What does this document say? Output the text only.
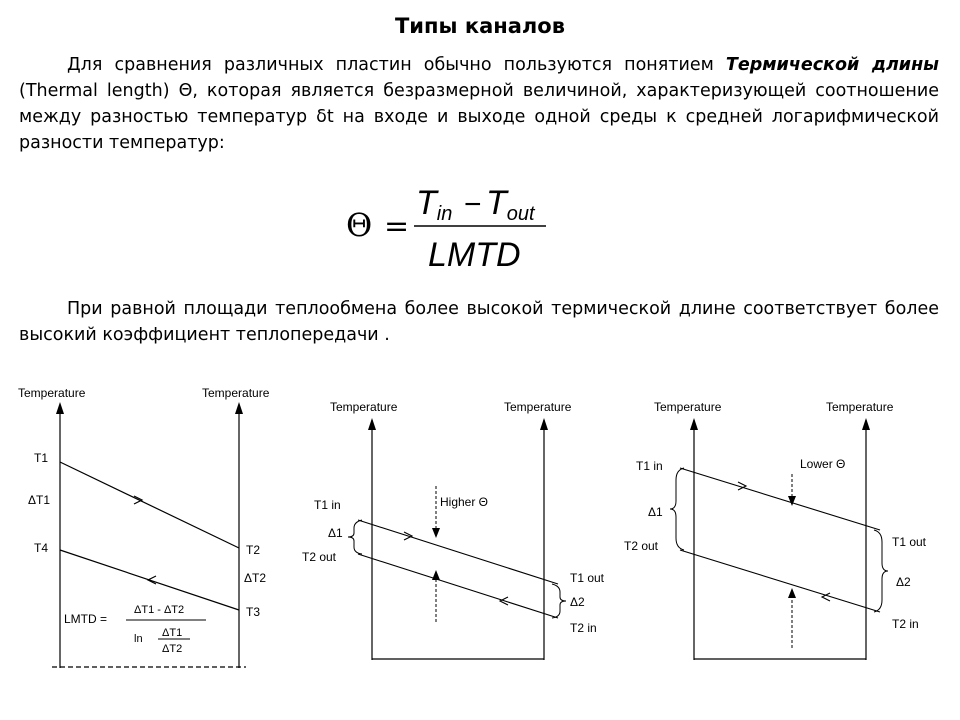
Типы каналов
Для сравнения различных пластин обычно пользуются понятием Термической длины (Thermal length) Θ, которая является безразмерной величиной, характеризующей соотношение между разностью температур δt на входе и выходе одной среды к средней логарифмической разности температур:
Θ =
Tin − Tout
LMTD
При равной площади теплообмена более высокой термической длине соответствует более высокий коэффициент теплопередачи .
Temperature	Temperature
T1
ΔT1
T4	T2
ΔT2
T3
LMTD =
ΔT1 - ΔT2
ln ΔT1
ΔT2
Temperature	Temperature
Higher Θ
T1 in
Δ1
T2 out
T1 out
Δ2
T2 in
Temperature	Temperature
Lower Θ
T1 in
Δ1
T2 out	T1 out
Δ2
T2 in
